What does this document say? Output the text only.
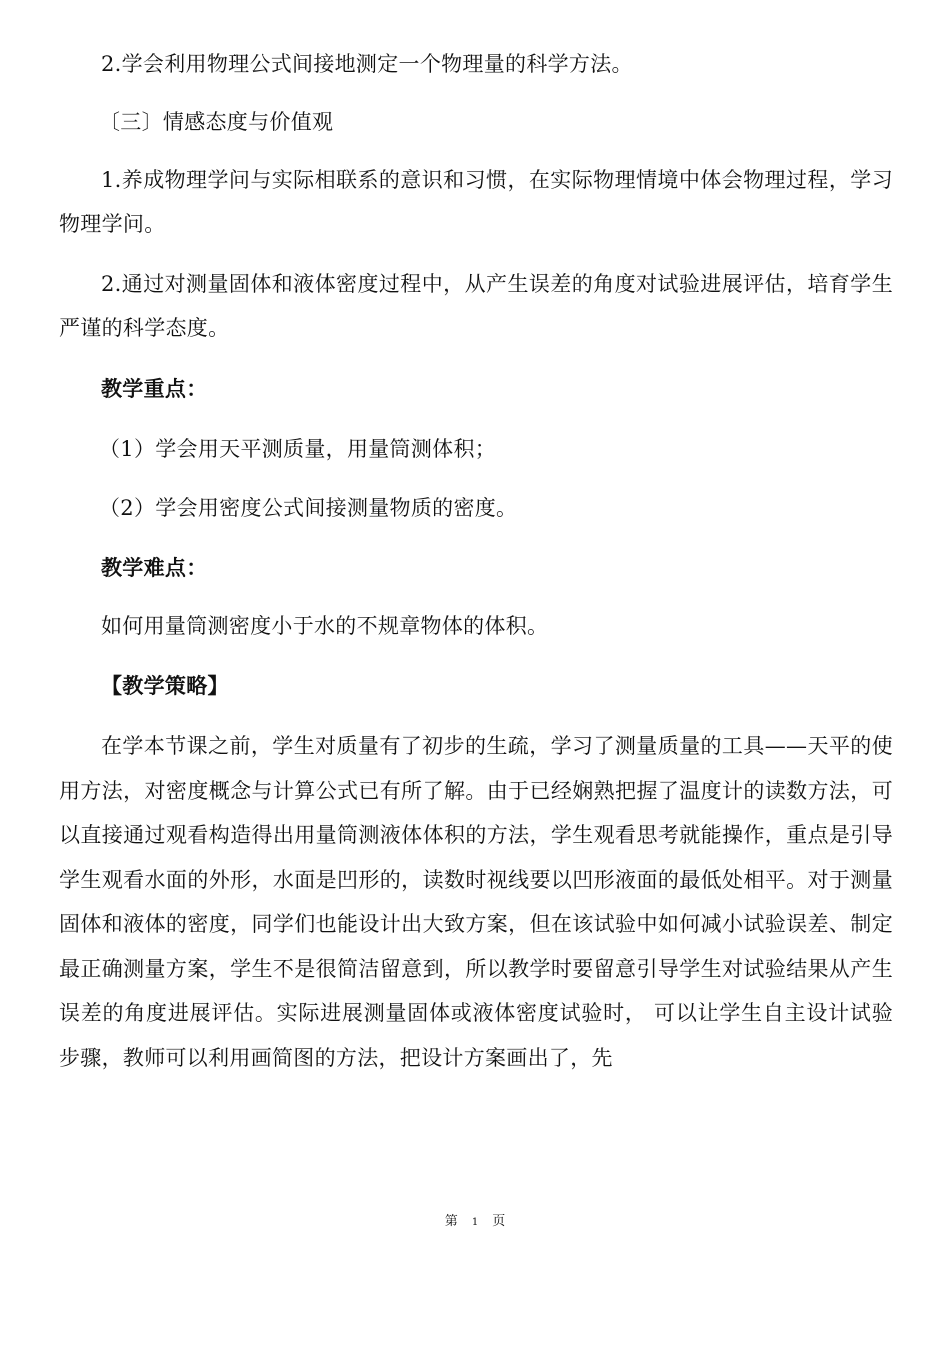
2.学会利用物理公式间接地测定一个物理量的科学方法。

〔三〕情感态度与价值观

1.养成物理学问与实际相联系的意识和习惯，在实际物理情境中体会物理过程，学习物理学问。

2.通过对测量固体和液体密度过程中，从产生误差的角度对试验进展评估，培育学生严谨的科学态度。

教学重点：

（1）学会用天平测质量，用量筒测体积；

（2）学会用密度公式间接测量物质的密度。

教学难点：

如何用量筒测密度小于水的不规章物体的体积。

【教学策略】

在学本节课之前，学生对质量有了初步的生疏，学习了测量质量的工具——天平的使用方法，对密度概念与计算公式已有所了解。由于已经娴熟把握了温度计的读数方法，可以直接通过观看构造得出用量筒测液体体积的方法，学生观看思考就能操作，重点是引导学生观看水面的外形，水面是凹形的，读数时视线要以凹形液面的最低处相平。对于测量固体和液体的密度，同学们也能设计出大致方案，但在该试验中如何减小试验误差、制定最正确测量方案，学生不是很简洁留意到，所以教学时要留意引导学生对试验结果从产生误差的角度进展评估。实际进展测量固体或液体密度试验时， 可以让学生自主设计试验步骤，教师可以利用画简图的方法，把设计方案画出了，先

第 1 页
